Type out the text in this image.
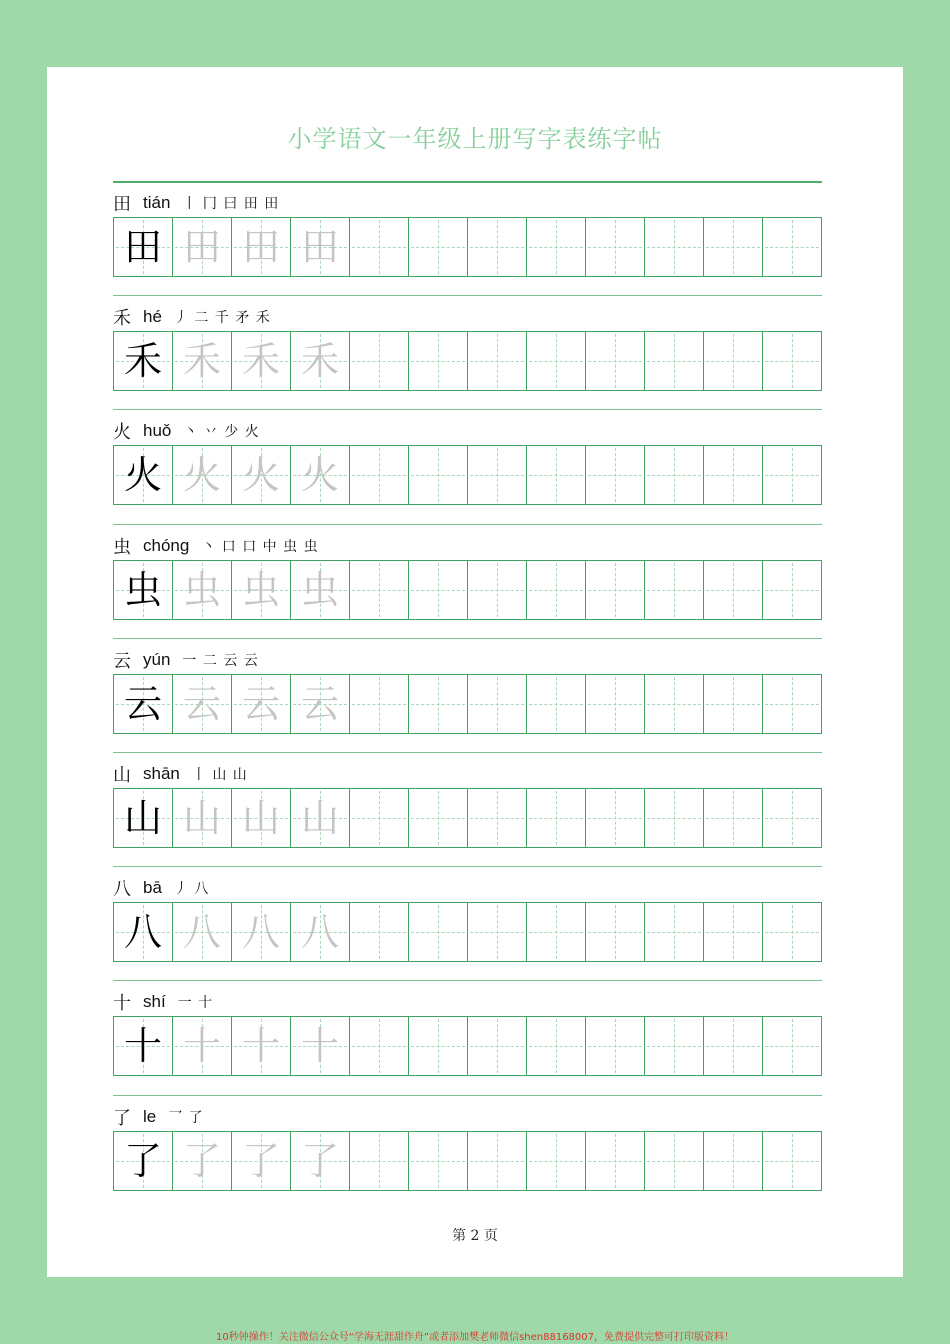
小学语文一年级上册写字表练字帖
田 tián 丨 冂 曰 田 田
田 田 田 田
禾 hé 丿 二 千 矛 禾
禾 禾 禾 禾
火 huǒ 丶 丷 少 火
火 火 火 火
虫 chóng 丶 口 口 中 虫 虫
虫 虫 虫 虫
云 yún 一 二 云 云
云 云 云 云
山 shān 丨 山 山
山 山 山 山
八 bā 丿 八
八 八 八 八
十 shí 一 十
十 十 十 十
了 le 乛 了
了 了 了 了
第 2 页
10秒钟操作！关注微信公众号“学海无涯甜作舟”或者添加樊老师微信shen88168007，免费提供完整可打印版资料！
